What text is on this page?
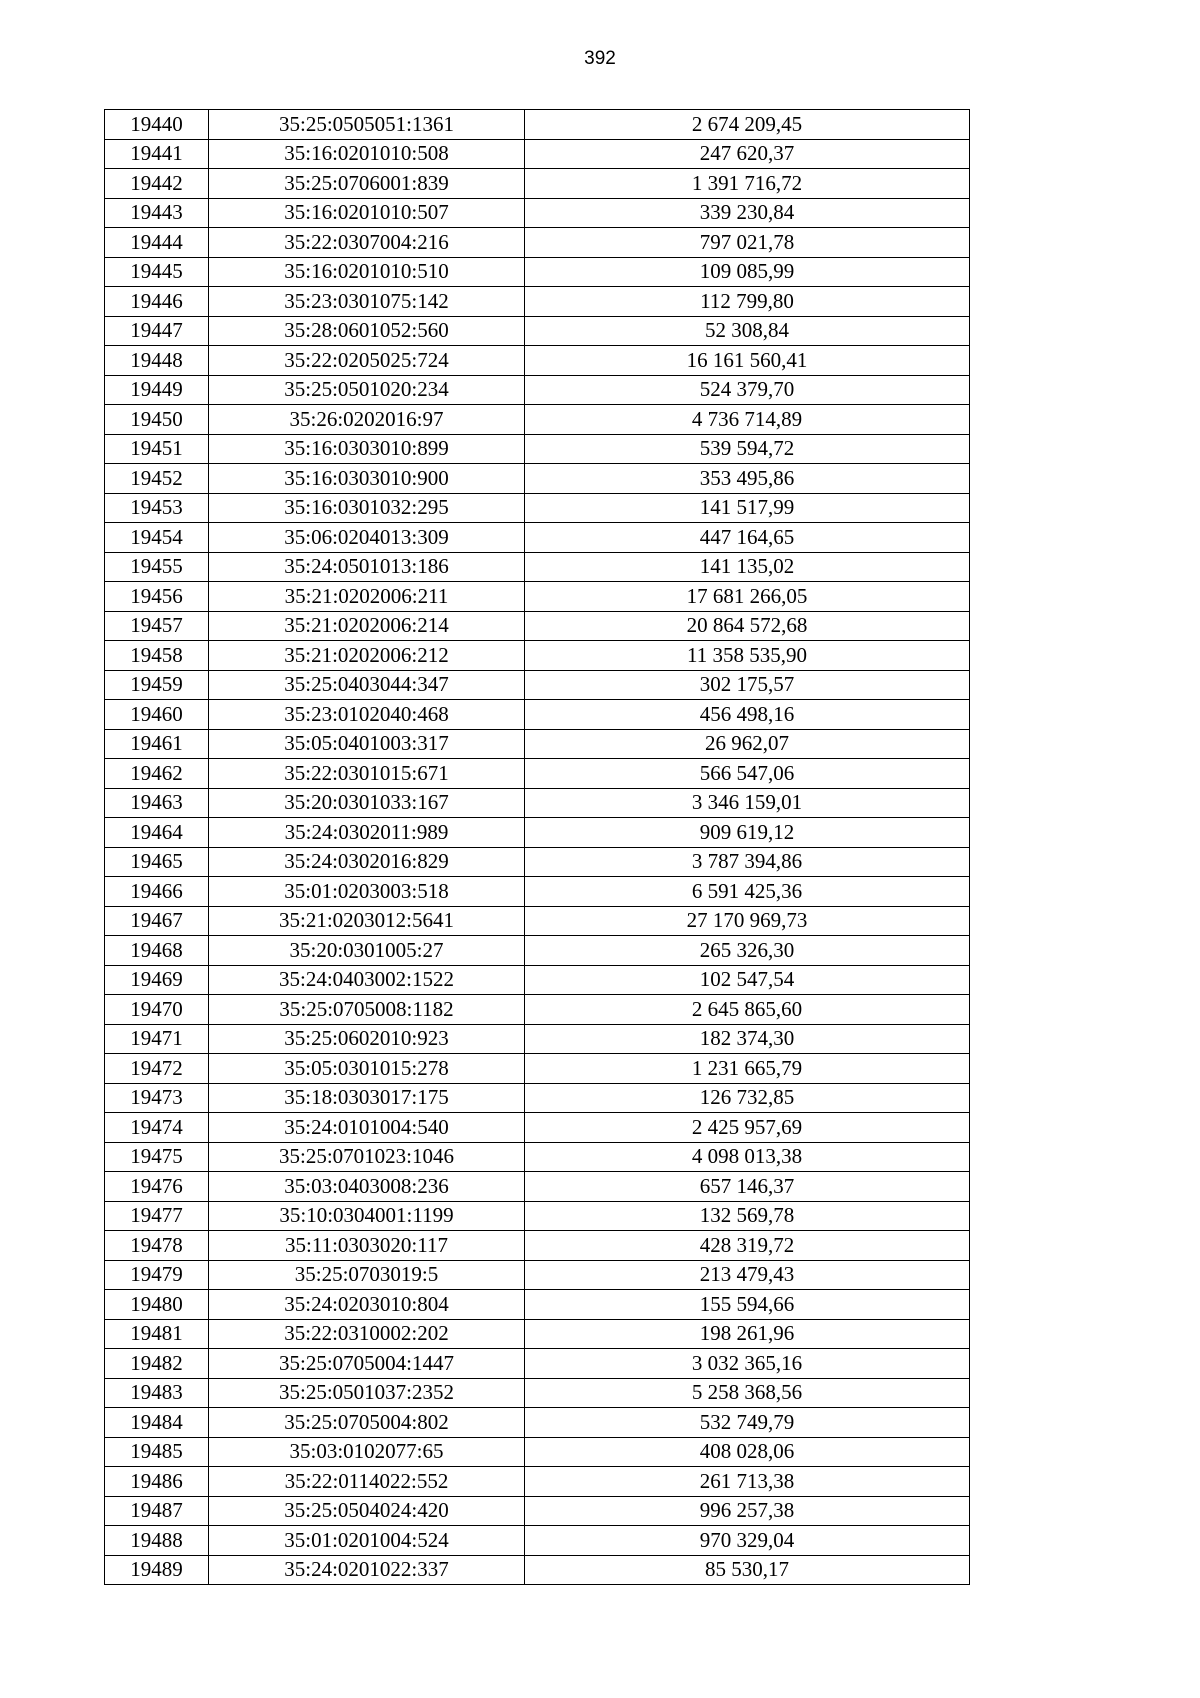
392
19440	35:25:0505051:1361	2 674 209,45
19441	35:16:0201010:508	247 620,37
19442	35:25:0706001:839	1 391 716,72
19443	35:16:0201010:507	339 230,84
19444	35:22:0307004:216	797 021,78
19445	35:16:0201010:510	109 085,99
19446	35:23:0301075:142	112 799,80
19447	35:28:0601052:560	52 308,84
19448	35:22:0205025:724	16 161 560,41
19449	35:25:0501020:234	524 379,70
19450	35:26:0202016:97	4 736 714,89
19451	35:16:0303010:899	539 594,72
19452	35:16:0303010:900	353 495,86
19453	35:16:0301032:295	141 517,99
19454	35:06:0204013:309	447 164,65
19455	35:24:0501013:186	141 135,02
19456	35:21:0202006:211	17 681 266,05
19457	35:21:0202006:214	20 864 572,68
19458	35:21:0202006:212	11 358 535,90
19459	35:25:0403044:347	302 175,57
19460	35:23:0102040:468	456 498,16
19461	35:05:0401003:317	26 962,07
19462	35:22:0301015:671	566 547,06
19463	35:20:0301033:167	3 346 159,01
19464	35:24:0302011:989	909 619,12
19465	35:24:0302016:829	3 787 394,86
19466	35:01:0203003:518	6 591 425,36
19467	35:21:0203012:5641	27 170 969,73
19468	35:20:0301005:27	265 326,30
19469	35:24:0403002:1522	102 547,54
19470	35:25:0705008:1182	2 645 865,60
19471	35:25:0602010:923	182 374,30
19472	35:05:0301015:278	1 231 665,79
19473	35:18:0303017:175	126 732,85
19474	35:24:0101004:540	2 425 957,69
19475	35:25:0701023:1046	4 098 013,38
19476	35:03:0403008:236	657 146,37
19477	35:10:0304001:1199	132 569,78
19478	35:11:0303020:117	428 319,72
19479	35:25:0703019:5	213 479,43
19480	35:24:0203010:804	155 594,66
19481	35:22:0310002:202	198 261,96
19482	35:25:0705004:1447	3 032 365,16
19483	35:25:0501037:2352	5 258 368,56
19484	35:25:0705004:802	532 749,79
19485	35:03:0102077:65	408 028,06
19486	35:22:0114022:552	261 713,38
19487	35:25:0504024:420	996 257,38
19488	35:01:0201004:524	970 329,04
19489	35:24:0201022:337	85 530,17
